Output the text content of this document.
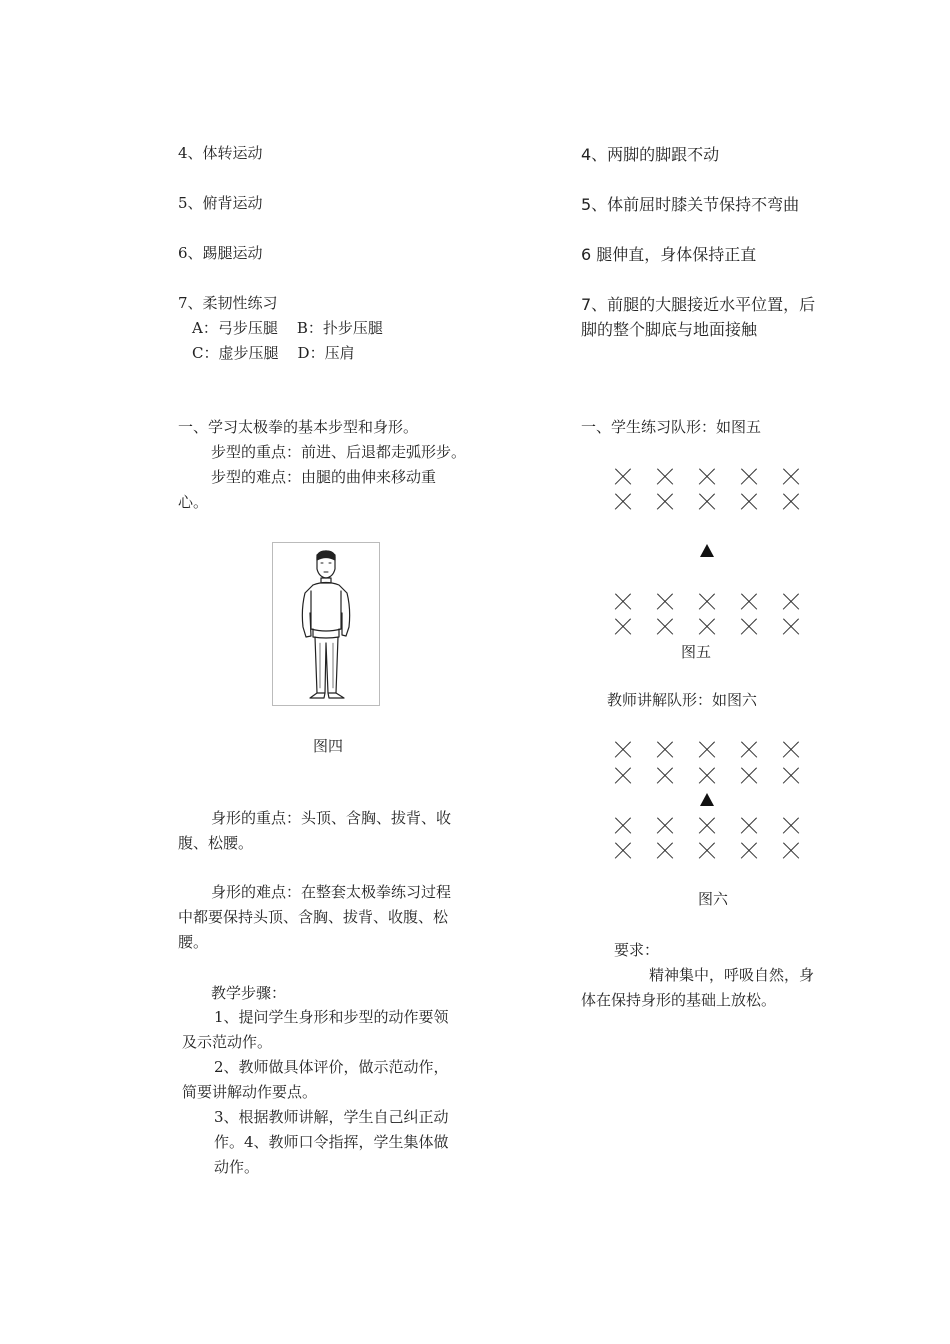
4、体转运动
5、俯背运动
6、踢腿运动
7、柔韧性练习
A：弓步压腿    B：扑步压腿
C：虚步压腿    D：压肩
4、两脚的脚跟不动
5、体前屈时膝关节保持不弯曲
6 腿伸直，身体保持正直
7、前腿的大腿接近水平位置，后
脚的整个脚底与地面接触
一、学习太极拳的基本步型和身形。
步型的重点：前进、后退都走弧形步。
步型的难点：由腿的曲伸来移动重
心。
图四
身形的重点：头顶、含胸、拔背、收
腹、松腰。
身形的难点：在整套太极拳练习过程
中都要保持头顶、含胸、拔背、收腹、松
腰。
教学步骤：
1、提问学生身形和步型的动作要领
及示范动作。
2、教师做具体评价，做示范动作，
简要讲解动作要点。
3、根据教师讲解，学生自己纠正动
作。4、教师口令指挥，学生集体做
动作。
一、学生练习队形：如图五
图五
教师讲解队形：如图六
图六
要求：
精神集中，呼吸自然，身
体在保持身形的基础上放松。
